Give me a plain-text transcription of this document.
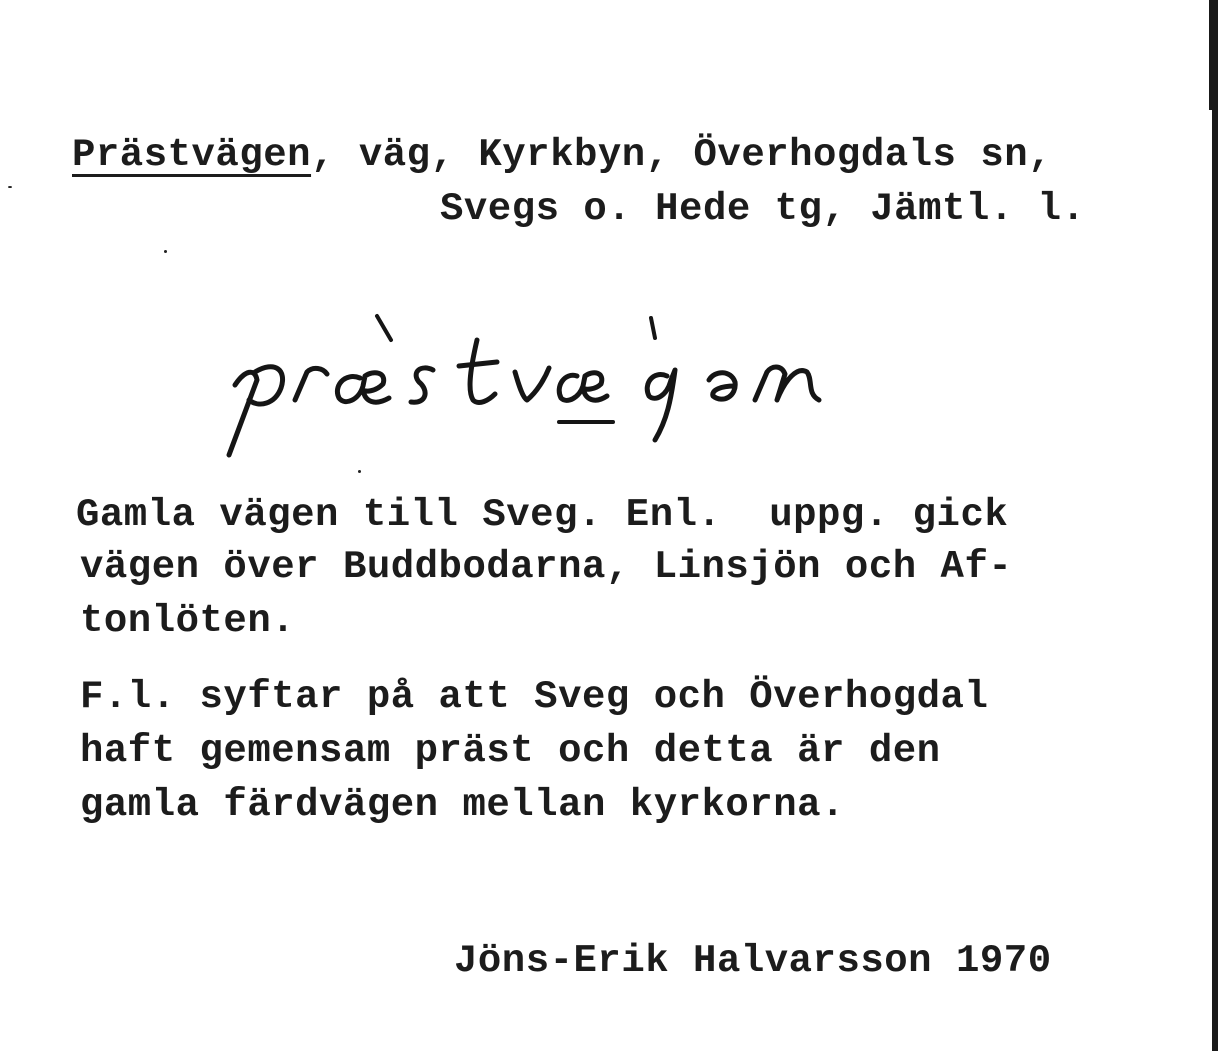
Prästvägen, väg, Kyrkbyn, Överhogdals sn,
Svegs o. Hede tg, Jämtl. l.
Gamla vägen till Sveg. Enl.  uppg. gick
vägen över Buddbodarna, Linsjön och Af-
tonlöten.
F.l. syftar på att Sveg och Överhogdal
haft gemensam präst och detta är den
gamla färdvägen mellan kyrkorna.
Jöns-Erik Halvarsson 1970
